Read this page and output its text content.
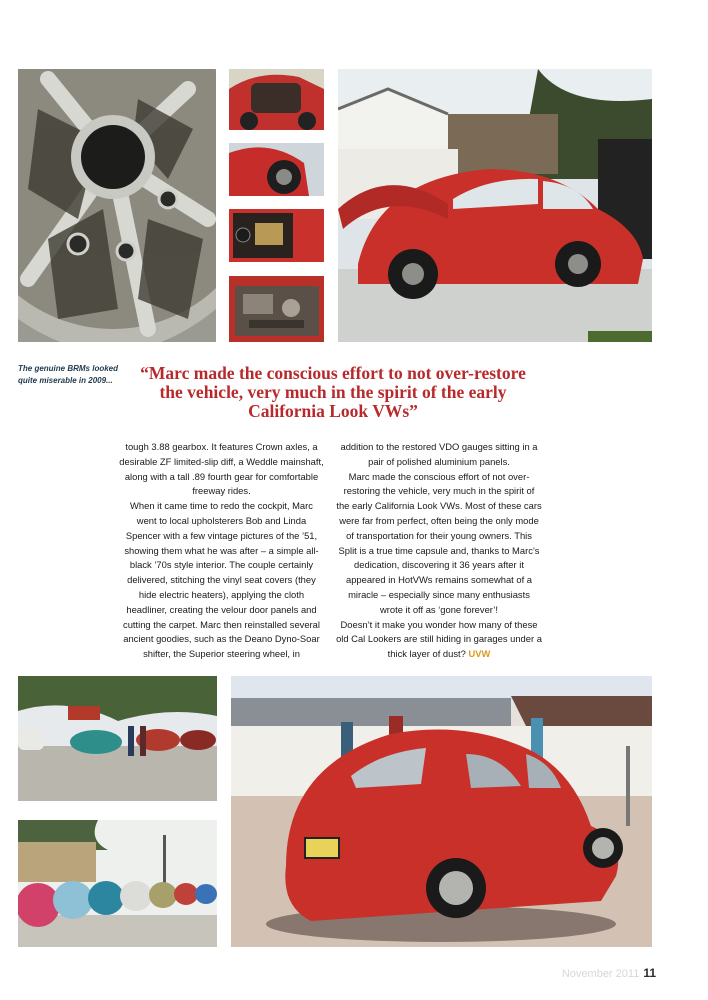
The genuine BRMs looked quite miserable in 2009...	“Marc made the conscious effort to not over-restore the vehicle, very much in the spirit of the early California Look VWs”

tough 3.88 gearbox. It features Crown axles, a desirable ZF limited-slip diff, a Weddle mainshaft, along with a tall .89 fourth gear for comfortable freeway rides.

When it came time to redo the cockpit, Marc went to local upholsterers Bob and Linda Spencer with a few vintage pictures of the ’51, showing them what he was after – a simple all-black ’70s style interior. The couple certainly delivered, stitching the vinyl seat covers (they hide electric heaters), applying the cloth headliner, creating the velour door panels and cutting the carpet. Marc then reinstalled several ancient goodies, such as the Deano Dyno-Soar shifter, the Superior steering wheel, in

addition to the restored VDO gauges sitting in a pair of polished aluminium panels.

Marc made the conscious effort of not over-restoring the vehicle, very much in the spirit of the early California Look VWs. Most of these cars were far from perfect, often being the only mode of transportation for their young owners. This Split is a true time capsule and, thanks to Marc’s dedication, discovering it 36 years after it appeared in HotVWs remains somewhat of a miracle – especially since many enthusiasts wrote it off as ‘gone forever’!

Doesn’t it make you wonder how many of these old Cal Lookers are still hiding in garages under a thick layer of dust? UVW

November 2011 11
